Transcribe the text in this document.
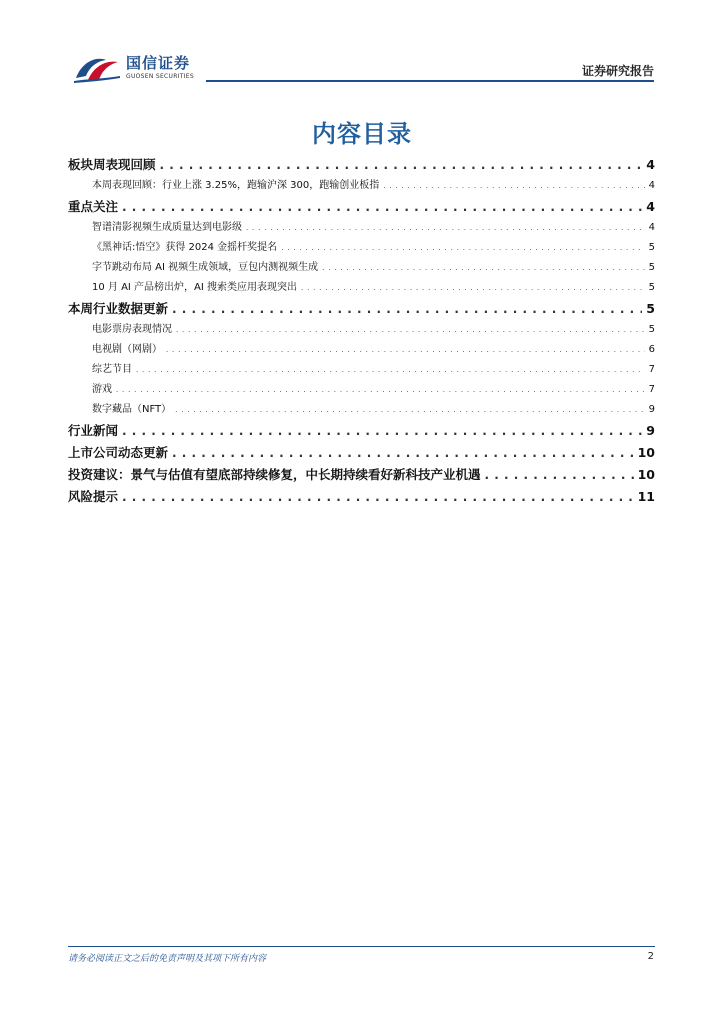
国信证券
GUOSEN SECURITIES	证券研究报告
内容目录
板块周表现回顾 . . .	4
本周表现回顾：行业上涨 3.25%，跑输沪深 300，跑输创业板指 . . .	4
重点关注 . . .	4
智谱清影视频生成质量达到电影级 . . .	4
《黑神话:悟空》获得 2024 金摇杆奖提名 . . .	5
字节跳动布局 AI 视频生成领域，豆包内测视频生成 . . .	5
10 月 AI 产品榜出炉，AI 搜索类应用表现突出 . . .	5
本周行业数据更新 . . .	5
电影票房表现情况 . . .	5
电视剧（网剧） . . .	6
综艺节目 . . .	7
游戏 . . .	7
数字藏品（NFT） . . .	9
行业新闻 . . .	9
上市公司动态更新 . . .	10
投资建议：景气与估值有望底部持续修复，中长期持续看好新科技产业机遇 . . .	10
风险提示 . . .	11
请务必阅读正文之后的免责声明及其项下所有内容	2
